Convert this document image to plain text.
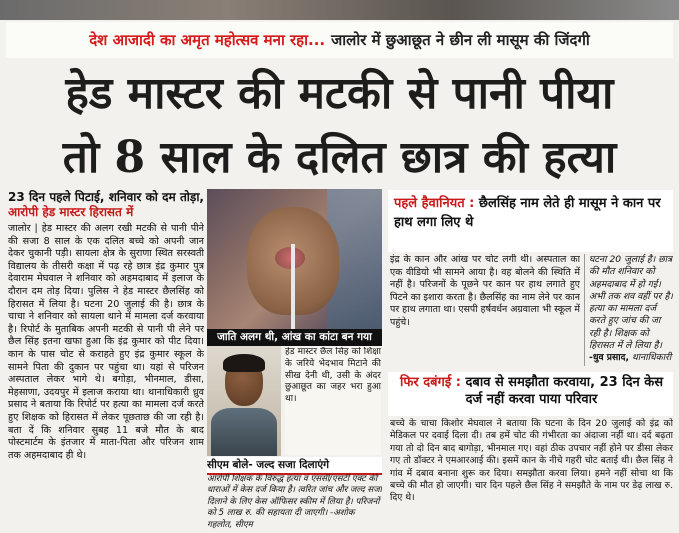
देश आजादी का अमृत महोत्सव मना रहा... जालोर में छुआछूत ने छीन ली मासूम की जिंदगी
हेड मास्टर की मटकी से पानी पीया
तो 8 साल के दलित छात्र की हत्या
23 दिन पहले पिटाई, शनिवार को दम तोड़ा, आरोपी हेड मास्टर हिरासत में
जालोर | हेड मास्टर की अलग रखी मटकी से पानी पीने की सजा 8 साल के एक दलित बच्चे को अपनी जान देकर चुकानी पड़ी। सायला क्षेत्र के सुराणा स्थित सरस्वती विद्यालय के तीसरी कक्षा में पढ़ रहे छात्र इंद्र कुमार पुत्र देवाराम मेघवाल ने शनिवार को अहमदाबाद में इलाज के दौरान दम तोड़ दिया। पुलिस ने हेड मास्टर छैलसिंह को हिरासत में लिया है। घटना 20 जुलाई की है। छात्र के चाचा ने शनिवार को सायला थाने में मामला दर्ज करवाया है। रिपोर्ट के मुताबिक अपनी मटकी से पानी पी लेने पर छैल सिंह इतना खफा हुआ कि इंद्र कुमार को पीट दिया। कान के पास चोट से कराहते हुए इंद्र कुमार स्कूल के सामने पिता की दुकान पर पहुंचा था। यहां से परिजन अस्पताल लेकर भागे थे। बगोड़ा, भीनमाल, डीसा, मेहसाणा, उदयपुर में इलाज कराया था। थानाधिकारी ध्रुव प्रसाद ने बताया कि रिपोर्ट पर हत्या का मामला दर्ज करते हुए शिक्षक को हिरासत में लेकर पूछताछ की जा रही है। बता दें कि शनिवार सुबह 11 बजे मौत के बाद पोस्टमार्टम के इंतजार में माता-पिता और परिजन शाम तक अहमदाबाद ही थे।
जाति अलग थी, आंख का कांटा बन गया
हेड मास्टर छैल सिंह को शिक्षा के जरिये भेदभाव मिटाने की सीख देनी थी, उसी के अंदर छुआछूत का जहर भरा हुआ था।
सीएम बोले- जल्द सजा दिलाएंगे
आरोपी शिक्षक के विरुद्ध हत्या व एससी/एसटी एक्ट की धाराओं में केस दर्ज किया है। त्वरित जांच और जल्द सजा दिलाने के लिए केस ऑफिसर स्कीम में लिया है। परिजनों को 5 लाख रु. की सहायता दी जाएगी। -अशोक गहलोत, सीएम
पहले हैवानियत : छैलसिंह नाम लेते ही मासूम ने कान पर हाथ लगा लिए थे
इंद्र के कान और आंख पर चोट लगी थी। अस्पताल का एक वीडियो भी सामने आया है। वह बोलने की स्थिति में नहीं है। परिजनों के पूछने पर कान पर हाथ लगाते हुए पिटने का इशारा करता है। छैलसिंह का नाम लेने पर कान पर हाथ लगाता था। एसपी हर्षवर्धन अग्रवाला भी स्कूल में पहुंचे।
घटना 20 जुलाई है। छात्र की मौत शनिवार को अहमदाबाद में हो गई। अभी तक शव वहीं पर है। हत्या का मामला दर्ज करते हुए जांच की जा रही है। शिक्षक को हिरासत में ले लिया है। -धुव प्रसाद, थानाधिकारी
फिर दबंगई : दबाव से समझौता करवाया, 23 दिन केस दर्ज नहीं करवा पाया परिवार
बच्चे के चाचा किशोर मेघवाल ने बताया कि घटना के दिन 20 जुलाई को इंद्र को मेडिकल पर दवाई दिला दी। तब हमें चोट की गंभीरता का अंदाजा नहीं था। दर्द बढ़ता गया तो दो दिन बाद बागोड़ा, भीनमाल गए। वहां ठीक उपचार नहीं होने पर डीसा लेकर गए तो डॉक्टर ने एमआरआई की। इसमें कान के नीचे गहरी चोट बताई थी। छैल सिंह ने गांव में दबाव बनाना शुरू कर दिया। समझौता करवा लिया। हमने नहीं सोचा था कि बच्चे की मौत हो जाएगी। चार दिन पहले छैल सिंह ने समझौते के नाम पर डेढ़ लाख रु. दिए थे।
